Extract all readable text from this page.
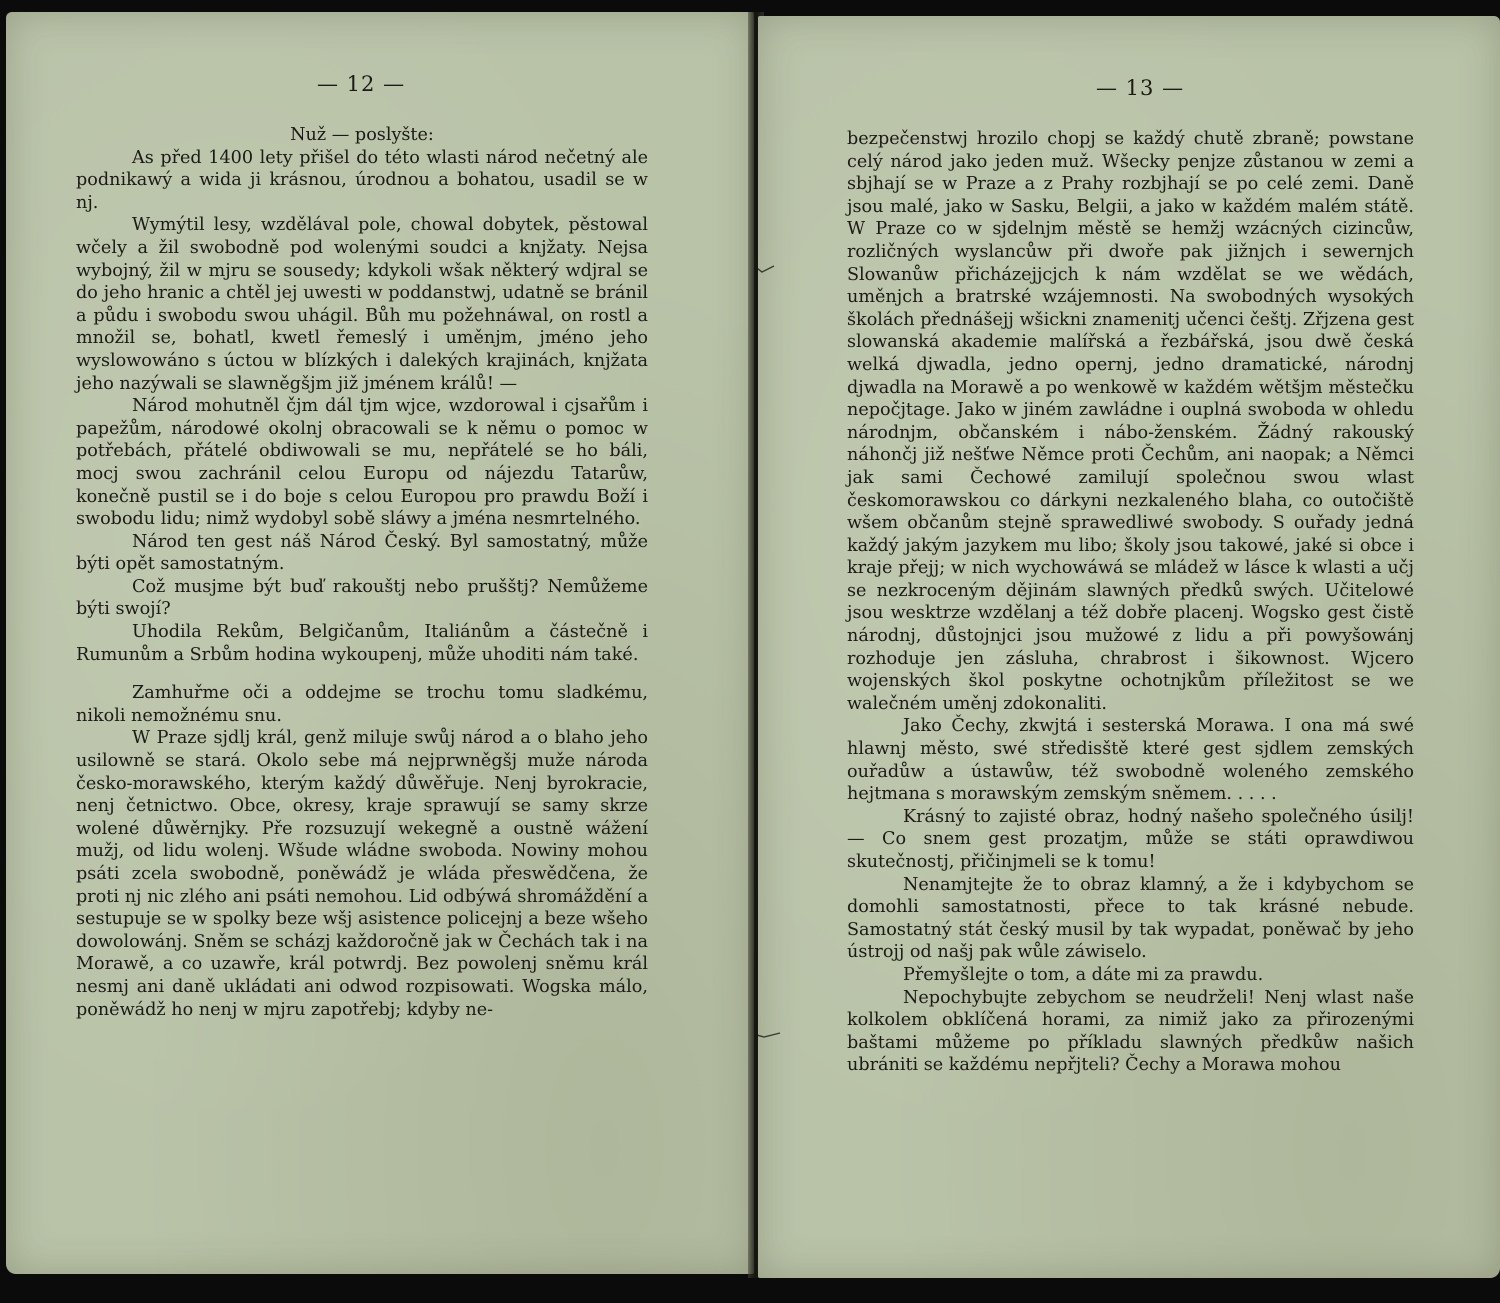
— 12 —

Nuž — poslyšte:

As před 1400 lety přišel do této wlasti národ nečetný ale podnikawý a wida ji krásnou, úrodnou a bohatou, usadil se w nj.

Wymýtil lesy, wzdělával pole, chowal dobytek, pěstowal wčely a žil swobodně pod wolenými soudci a knjžaty. Nejsa wybojný, žil w mjru se sousedy; kdykoli wšak některý wdjral se do jeho hranic a chtěl jej uwesti w poddanstwj, udatně se bránil a půdu i swobodu swou uhágil. Bůh mu požehnáwal, on rostl a množil se, bohatl, kwetl řemeslý i uměnjm, jméno jeho wyslowowáno s úctou w blízkých i dalekých krajinách, knjžata jeho nazýwali se slawněgšjm již jménem králů! —

Národ mohutněl čjm dál tjm wjce, wzdorowal i cjsařům i papežům, národowé okolnj obracowali se k němu o pomoc w potřebách, přátelé obdiwowali se mu, nepřátelé se ho báli, mocj swou zachránil celou Europu od nájezdu Tatarůw, konečně pustil se i do boje s celou Europou pro prawdu Boží i swobodu lidu; nimž wydobyl sobě sláwy a jména nesmrtelného.

Národ ten gest náš Národ Český. Byl samostatný, může býti opět samostatným.

Což musjme být buď rakouštj nebo prušštj? Nemůžeme býti swojí?

Uhodila Rekům, Belgičanům, Italiánům a částečně i Rumunům a Srbům hodina wykoupenj, může uhoditi nám také.

Zamhuřme oči a oddejme se trochu tomu sladkému, nikoli nemožnému snu.

W Praze sjdlj král, genž miluje swůj národ a o blaho jeho usilowně se stará. Okolo sebe má nejprwněgšj muže národa česko-morawského, kterým každý důwěřuje. Nenj byrokracie, nenj četnictwo. Obce, okresy, kraje sprawují se samy skrze wolené důwěrnjky. Pře rozsuzují wekegně a oustně wážení mužj, od lidu wolenj. Wšude wládne swoboda. Nowiny mohou psáti zcela swobodně, poněwádž je wláda přeswědčena, že proti nj nic zlého ani psáti nemohou. Lid odbýwá shromáždění a sestupuje se w spolky beze wšj asistence policejnj a beze wšeho dowolowánj. Sněm se scházj každoročně jak w Čechách tak i na Morawě, a co uzawře, král potwrdj. Bez powolenj sněmu král nesmj ani daně ukládati ani odwod rozpisowati. Wogska málo, poněwádž ho nenj w mjru zapotřebj; kdyby ne-

— 13 —

bezpečenstwj hrozilo chopj se každý chutě zbraně; powstane celý národ jako jeden muž. Wšecky penjze zůstanou w zemi a sbjhají se w Praze a z Prahy rozbjhají se po celé zemi. Daně jsou malé, jako w Sasku, Belgii, a jako w každém malém státě. W Praze co w sjdelnjm městě se hemžj wzácných cizincůw, rozličných wyslancůw při dwoře pak jižnjch i sewernjch Slowanůw přicházejjcjch k nám wzdělat se we wědách, uměnjch a bratrské wzájemnosti. Na swobodných wysokých školách přednášejj wšickni znamenitj učenci češtj. Zřjzena gest slowanská akademie malířská a řezbářská, jsou dwě česká welká djwadla, jedno opernj, jedno dramatické, národnj djwadla na Morawě a po wenkowě w každém wětšjm městečku nepočjtage. Jako w jiném zawládne i ouplná swoboda w ohledu národnjm, občanském i nábo-ženském. Žádný rakouský náhončj již nešťwe Němce proti Čechům, ani naopak; a Němci jak sami Čechowé zamilují společnou swou wlast českomorawskou co dárkyni nezkaleného blaha, co outočiště wšem občanům stejně sprawedliwé swobody. S ouřady jedná každý jakým jazykem mu libo; školy jsou takowé, jaké si obce i kraje přejj; w nich wychowáwá se mládež w lásce k wlasti a učj se nezkroceným dějinám slawných předků swých. Učitelowé jsou wesktrze wzdělanj a též dobře placenj. Wogsko gest čistě národnj, důstojnjci jsou mužowé z lidu a při powyšowánj rozhoduje jen zásluha, chrabrost i šikownost. Wjcero wojenských škol poskytne ochotnjkům příležitost se we walečném uměnj zdokonaliti.

Jako Čechy, zkwjtá i sesterská Morawa. I ona má swé hlawnj město, swé středisště které gest sjdlem zemských ouřadůw a ústawůw, též swobodně woleného zemského hejtmana s morawským zemským sněmem. . . . .

Krásný to zajisté obraz, hodný našeho společného úsilj! — Co snem gest prozatjm, může se státi oprawdiwou skutečnostj, přičinjmeli se k tomu!

Nenamjtejte že to obraz klamný, a že i kdybychom se domohli samostatnosti, přece to tak krásné nebude. Samostatný stát český musil by tak wypadat, poněwač by jeho ústrojj od našj pak wůle záwiselo.

Přemyšlejte o tom, a dáte mi za prawdu.

Nepochybujte zebychom se neudrželi! Nenj wlast naše kolkolem obklíčená horami, za nimiž jako za přirozenými baštami můžeme po příkladu slawných předkůw našich ubrániti se každému nepřjteli? Čechy a Morawa mohou
